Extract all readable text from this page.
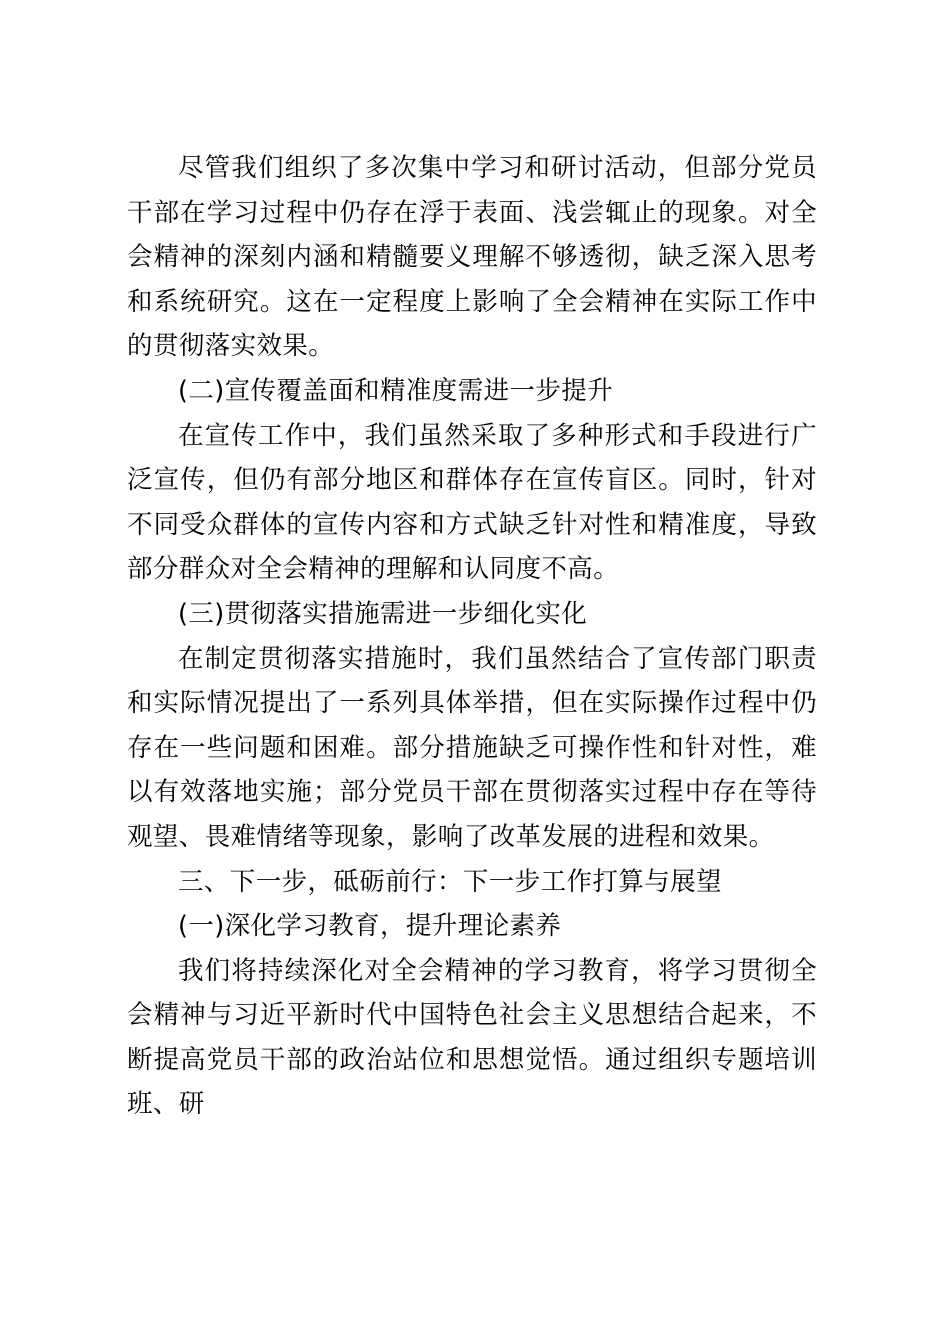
尽管我们组织了多次集中学习和研讨活动，但部分党员干部在学习过程中仍存在浮于表面、浅尝辄止的现象。对全会精神的深刻内涵和精髓要义理解不够透彻，缺乏深入思考和系统研究。这在一定程度上影响了全会精神在实际工作中的贯彻落实效果。

(二)宣传覆盖面和精准度需进一步提升

在宣传工作中，我们虽然采取了多种形式和手段进行广泛宣传，但仍有部分地区和群体存在宣传盲区。同时，针对不同受众群体的宣传内容和方式缺乏针对性和精准度，导致部分群众对全会精神的理解和认同度不高。

(三)贯彻落实措施需进一步细化实化

在制定贯彻落实措施时，我们虽然结合了宣传部门职责和实际情况提出了一系列具体举措，但在实际操作过程中仍存在一些问题和困难。部分措施缺乏可操作性和针对性，难以有效落地实施；部分党员干部在贯彻落实过程中存在等待观望、畏难情绪等现象，影响了改革发展的进程和效果。

三、下一步，砥砺前行：下一步工作打算与展望

(一)深化学习教育，提升理论素养

我们将持续深化对全会精神的学习教育，将学习贯彻全会精神与习近平新时代中国特色社会主义思想结合起来，不断提高党员干部的政治站位和思想觉悟。通过组织专题培训班、研
